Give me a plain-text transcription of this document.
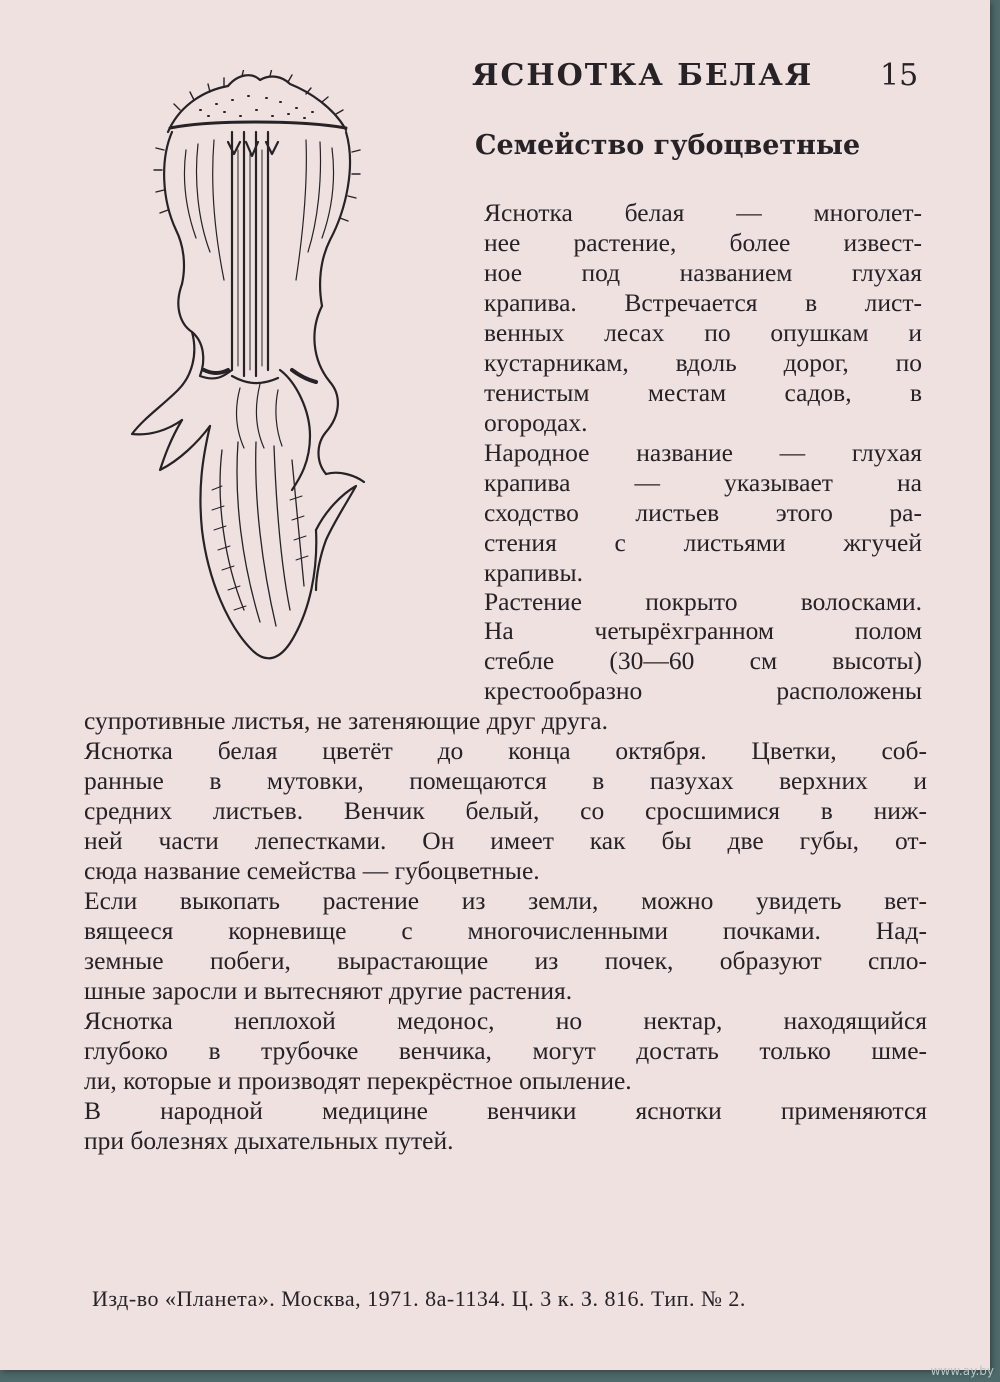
ЯСНОТКА БЕЛАЯ 15
Семейство губоцветные
Яснотка белая — многолет-
нее растение, более извест-
ное под названием глухая
крапива. Встречается в лист-
венных лесах по опушкам и
кустарникам, вдоль дорог, по
тенистым местам садов, в
огородах.
Народное название — глухая
крапива — указывает на
сходство листьев этого ра-
стения с листьями жгучей
крапивы.
Растение покрыто волосками.
На четырёхгранном полом
стебле (30—60 см высоты)
крестообразно расположены
супротивные листья, не затеняющие друг друга.
Яснотка белая цветёт до конца октября. Цветки, соб-
ранные в мутовки, помещаются в пазухах верхних и
средних листьев. Венчик белый, со сросшимися в ниж-
ней части лепестками. Он имеет как бы две губы, от-
сюда название семейства — губоцветные.
Если выкопать растение из земли, можно увидеть вет-
вящееся корневище с многочисленными почками. Над-
земные побеги, вырастающие из почек, образуют спло-
шные заросли и вытесняют другие растения.
Яснотка неплохой медонос, но нектар, находящийся
глубоко в трубочке венчика, могут достать только шме-
ли, которые и производят перекрёстное опыление.
В народной медицине венчики яснотки применяются
при болезнях дыхательных путей.
Изд-во «Планета». Москва, 1971. 8а-1134. Ц. 3 к. З. 816. Тип. № 2.
www.ay.by
